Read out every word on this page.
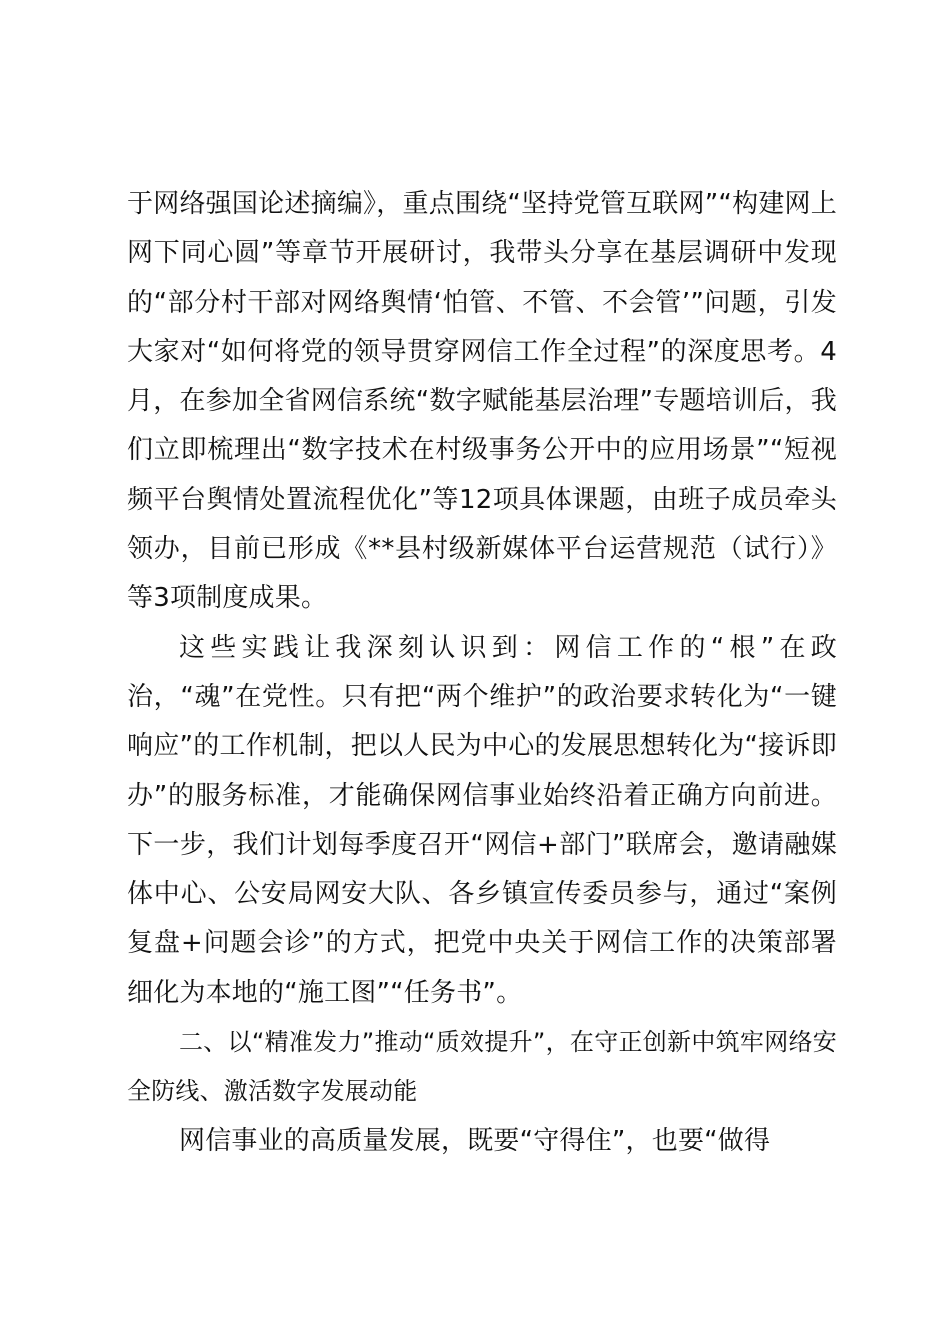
于网络强国论述摘编》，重点围绕“坚持党管互联网”“构建网上网下同心圆”等章节开展研讨，我带头分享在基层调研中发现的“部分村干部对网络舆情‘怕管、不管、不会管’”问题，引发大家对“如何将党的领导贯穿网信工作全过程”的深度思考。4月，在参加全省网信系统“数字赋能基层治理”专题培训后，我们立即梳理出“数字技术在村级事务公开中的应用场景”“短视频平台舆情处置流程优化”等12项具体课题，由班子成员牵头领办，目前已形成《**县村级新媒体平台运营规范（试行）》等3项制度成果。

这些实践让我深刻认识到：网信工作的“根”在政治，“魂”在党性。只有把“两个维护”的政治要求转化为“一键响应”的工作机制，把以人民为中心的发展思想转化为“接诉即办”的服务标准，才能确保网信事业始终沿着正确方向前进。下一步，我们计划每季度召开“网信+部门”联席会，邀请融媒体中心、公安局网安大队、各乡镇宣传委员参与，通过“案例复盘+问题会诊”的方式，把党中央关于网信工作的决策部署细化为本地的“施工图”“任务书”。

二、以“精准发力”推动“质效提升”，在守正创新中筑牢网络安全防线、激活数字发展动能

网信事业的高质量发展，既要“守得住”，也要“做得
